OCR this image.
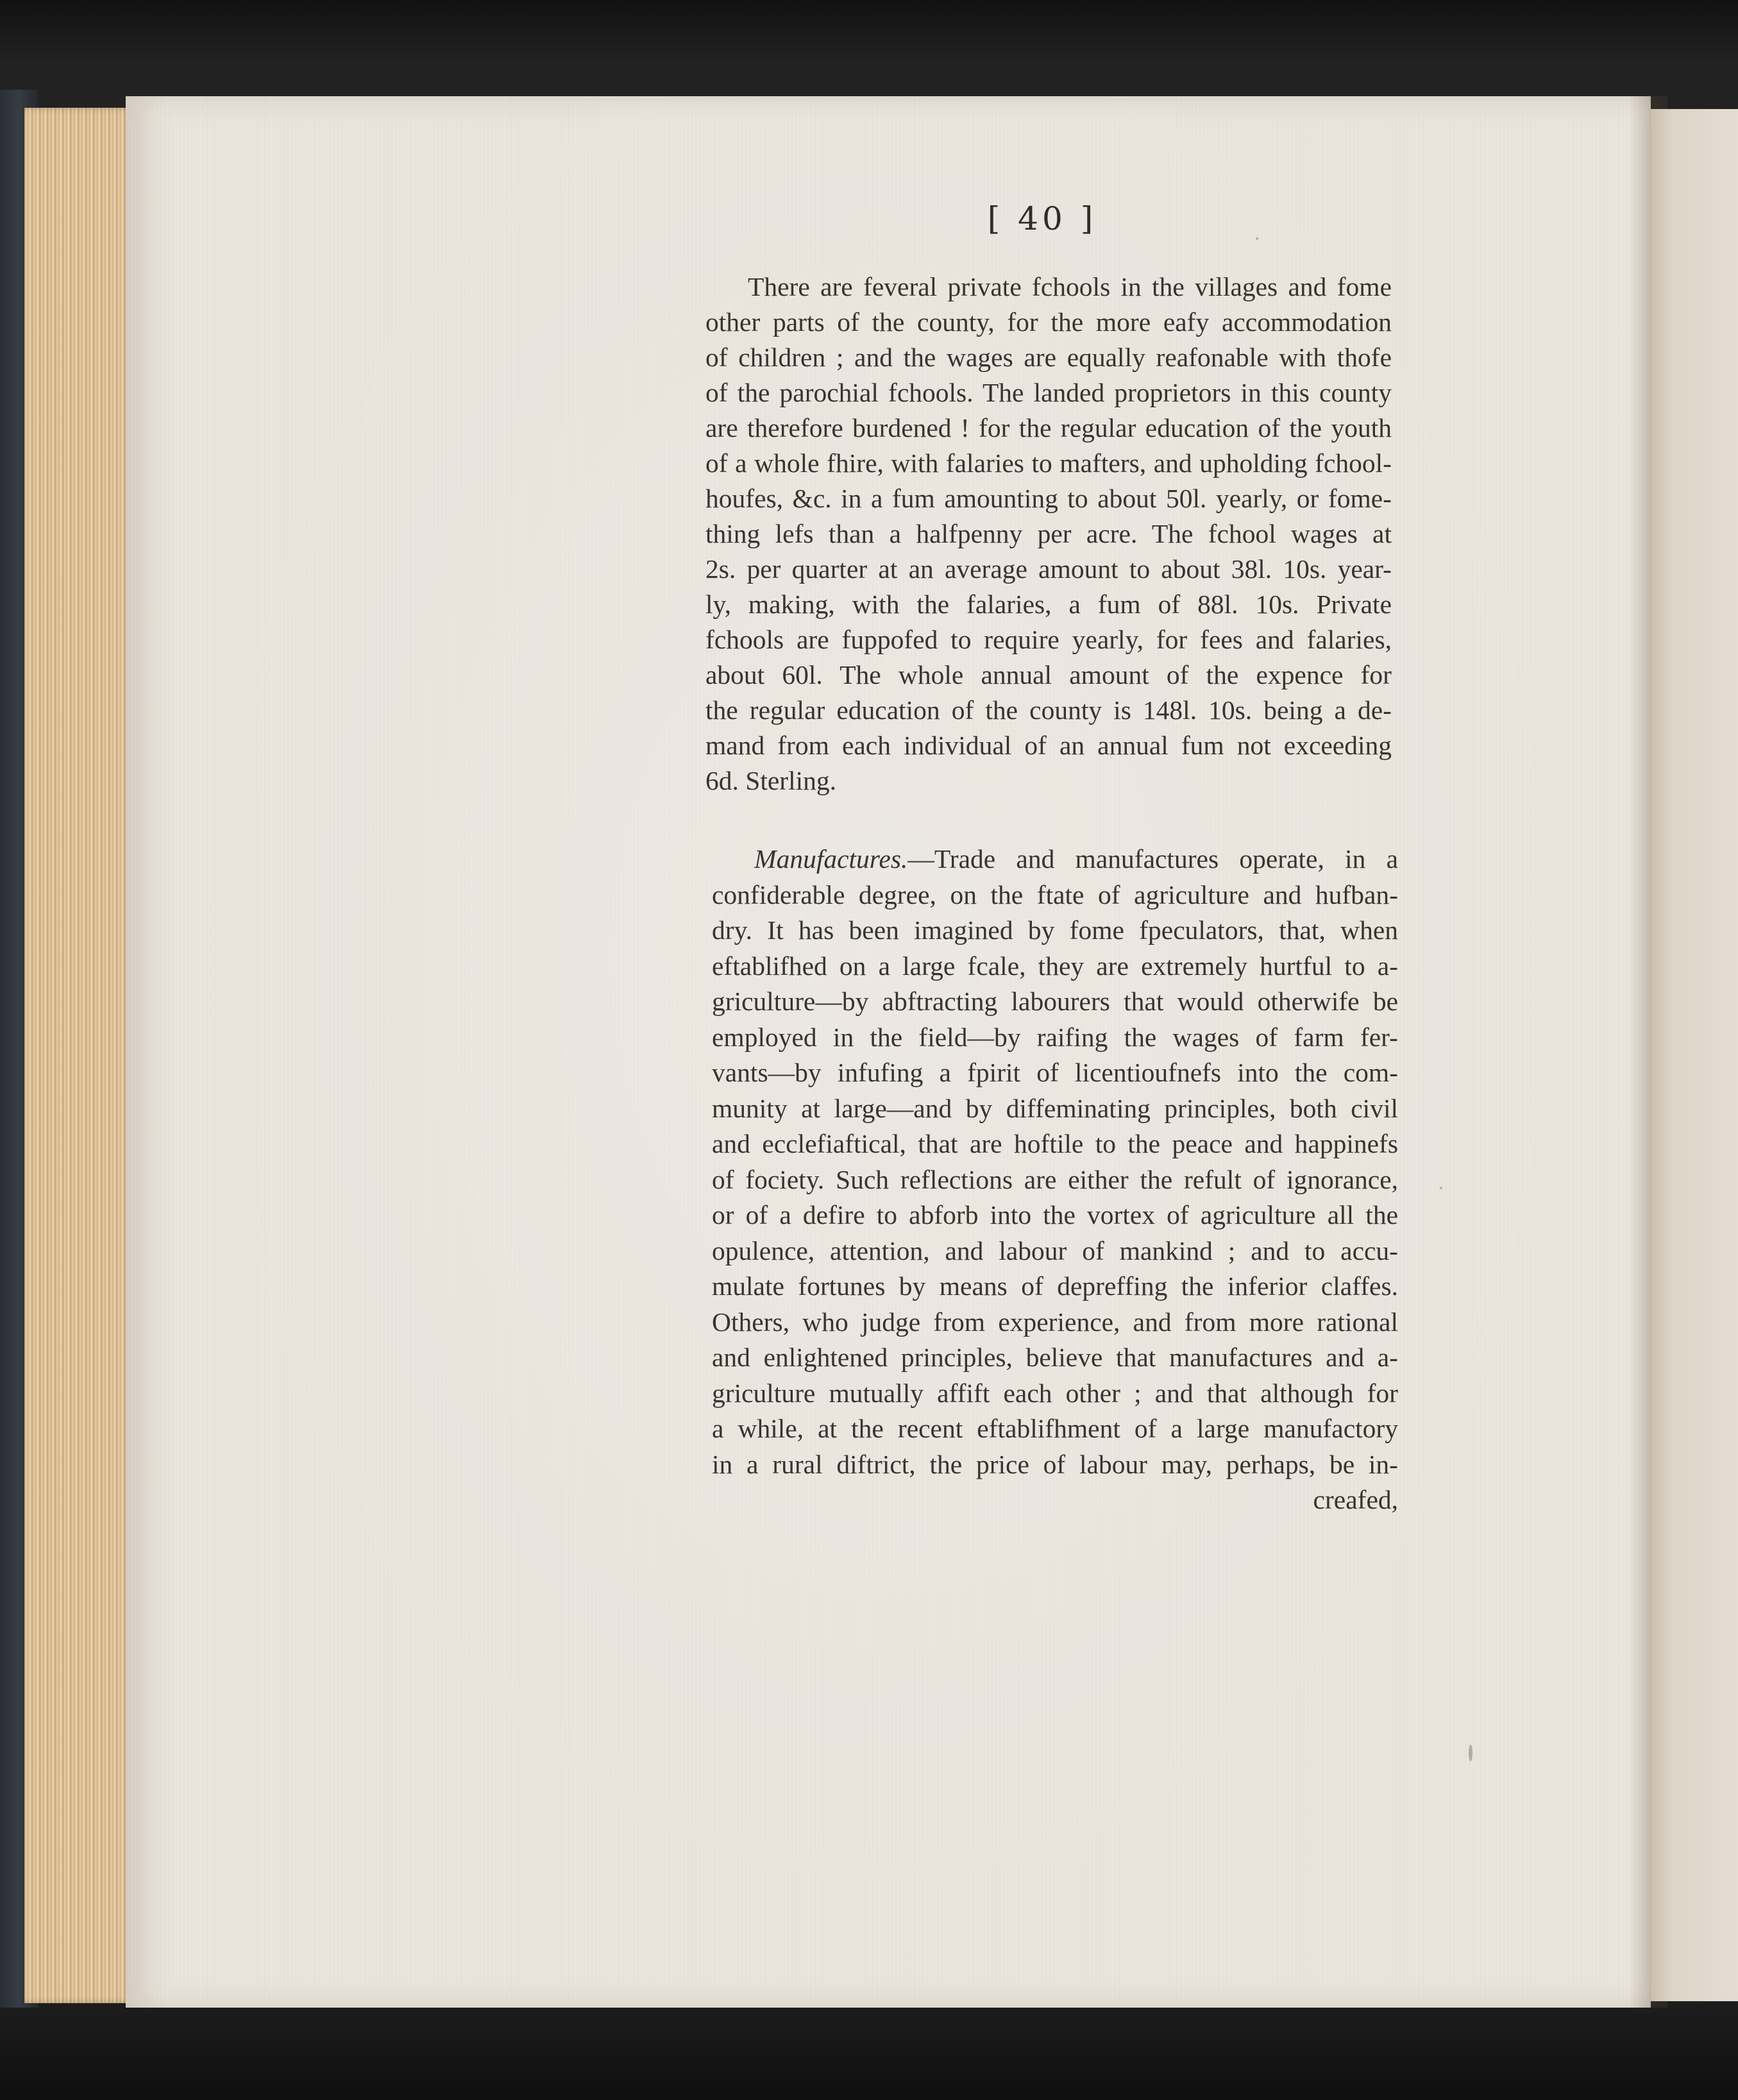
[ 40 ]
There are feveral private fchools in the villages and fome
other parts of the county, for the more eafy accommodation
of children ; and the wages are equally reafonable with thofe
of the parochial fchools. The landed proprietors in this county
are therefore burdened ! for the regular education of the youth
of a whole fhire, with falaries to mafters, and upholding fchool-
houfes, &c. in a fum amounting to about 50l. yearly, or fome-
thing lefs than a halfpenny per acre. The fchool wages at
2s. per quarter at an average amount to about 38l. 10s. year-
ly, making, with the falaries, a fum of 88l. 10s. Private
fchools are fuppofed to require yearly, for fees and falaries,
about 60l. The whole annual amount of the expence for
the regular education of the county is 148l. 10s. being a de-
mand from each individual of an annual fum not exceeding
6d. Sterling.
Manufactures.—Trade and manufactures operate, in a
confiderable degree, on the ftate of agriculture and hufban-
dry. It has been imagined by fome fpeculators, that, when
eftablifhed on a large fcale, they are extremely hurtful to a-
griculture—by abftracting labourers that would otherwife be
employed in the field—by raifing the wages of farm fer-
vants—by infufing a fpirit of licentioufnefs into the com-
munity at large—and by diffeminating principles, both civil
and ecclefiaftical, that are hoftile to the peace and happinefs
of fociety. Such reflections are either the refult of ignorance,
or of a defire to abforb into the vortex of agriculture all the
opulence, attention, and labour of mankind ; and to accu-
mulate fortunes by means of depreffing the inferior claffes.
Others, who judge from experience, and from more rational
and enlightened principles, believe that manufactures and a-
griculture mutually affift each other ; and that although for
a while, at the recent eftablifhment of a large manufactory
in a rural diftrict, the price of labour may, perhaps, be in-
creafed,
